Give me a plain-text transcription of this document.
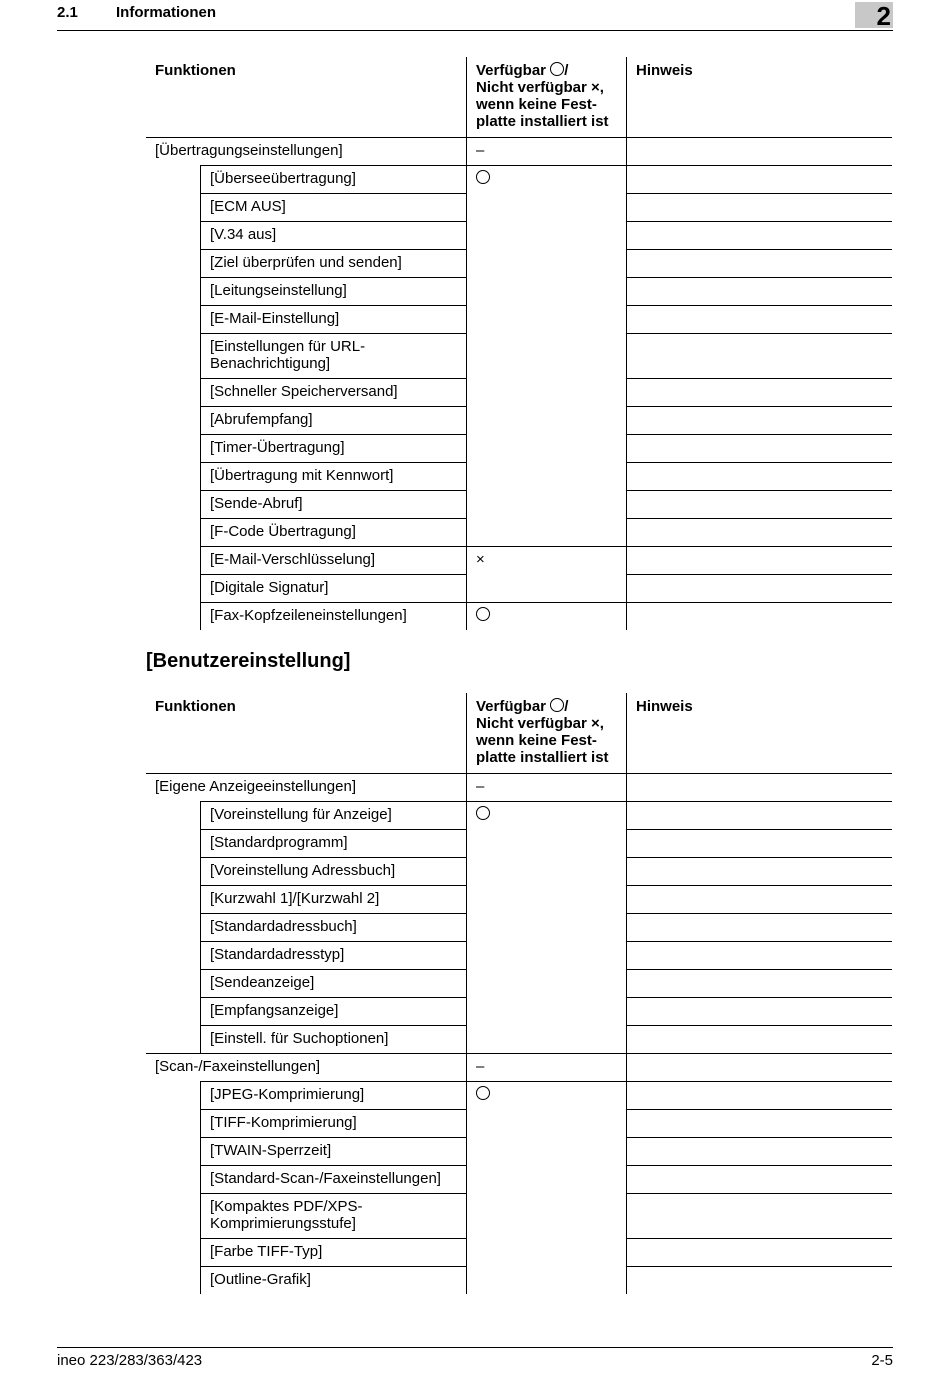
2.1	Informationen	2
Funktionen	Verfügbar /
Nicht verfügbar ×,
wenn keine Fest-
platte installiert ist
Hinweis
[Übertragungseinstellungen]	–
[Überseeübertragung]
[ECM AUS]
[V.34 aus]
[Ziel überprüfen und senden]
[Leitungseinstellung]
[E-Mail-Einstellung]
[Einstellungen für URL-Benachrichtigung]
[Schneller Speicherversand]
[Abrufempfang]
[Timer-Übertragung]
[Übertragung mit Kennwort]
[Sende-Abruf]
[F-Code Übertragung]
[E-Mail-Verschlüsselung]	×
[Digitale Signatur]
[Fax-Kopfzeileneinstellungen]
[Benutzereinstellung]
Funktionen	Verfügbar /
Nicht verfügbar ×,
wenn keine Fest-
platte installiert ist
Hinweis
[Eigene Anzeigeeinstellungen]	–
[Voreinstellung für Anzeige]
[Standardprogramm]
[Voreinstellung Adressbuch]
[Kurzwahl 1]/[Kurzwahl 2]
[Standardadressbuch]
[Standardadresstyp]
[Sendeanzeige]
[Empfangsanzeige]
[Einstell. für Suchoptionen]
[Scan-/Faxeinstellungen]	–
[JPEG-Komprimierung]
[TIFF-Komprimierung]
[TWAIN-Sperrzeit]
[Standard-Scan-/Faxeinstellungen]
[Kompaktes PDF/XPS-Komprimierungsstufe]
[Farbe TIFF-Typ]
[Outline-Grafik]
ineo 223/283/363/423	2-5
